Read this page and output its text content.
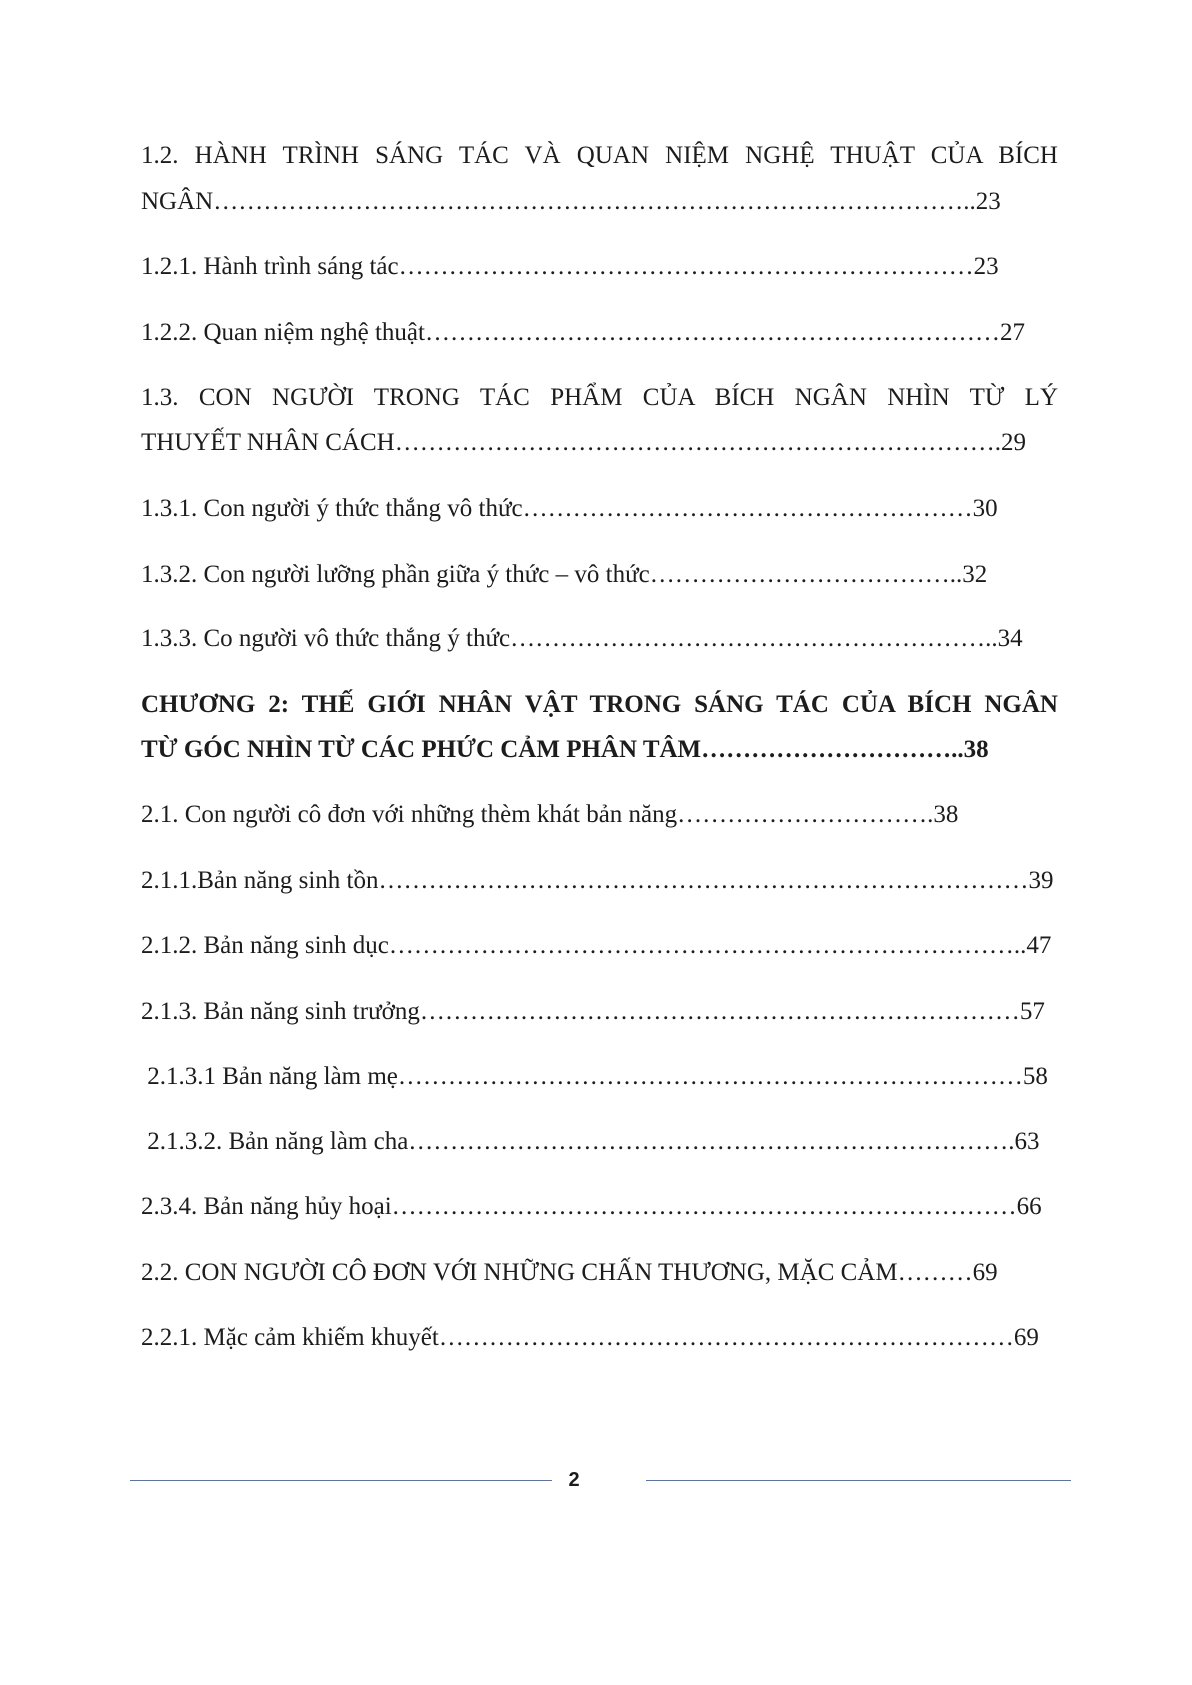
1.2. HÀNH TRÌNH SÁNG TÁC VÀ QUAN NIỆM NGHỆ THUẬT CỦA BÍCH
NGÂN………………………………………………………………………………..23
1.2.1. Hành trình sáng tác……………………………………………………………23
1.2.2. Quan niệm nghệ thuật……………………………………………………………27
1.3. CON NGƯỜI TRONG TÁC PHẨM CỦA BÍCH NGÂN NHÌN TỪ LÝ
THUYẾT NHÂN CÁCH……………………………………………………………….29
1.3.1. Con người ý thức thắng vô thức………………………………………………30
1.3.2. Con người lưỡng phần giữa ý thức – vô thức………………………………..32
1.3.3. Co người vô thức thắng ý thức…………………………………………………..34
CHƯƠNG 2: THẾ GIỚI NHÂN VẬT TRONG SÁNG TÁC CỦA BÍCH NGÂN
TỪ GÓC NHÌN TỪ CÁC PHỨC CẢM PHÂN TÂM…………………………..38
2.1. Con người cô đơn với những thèm khát bản năng………………………….38
2.1.1.Bản năng sinh tồn……………………………………………………………………39
2.1.2. Bản năng sinh dục…………………………………………………………………..47
2.1.3. Bản năng sinh trưởng………………………………………………………………57
2.1.3.1 Bản năng làm mẹ…………………………………………………………………58
2.1.3.2. Bản năng làm cha……………………………………………………………….63
2.3.4. Bản năng hủy hoại…………………………………………………………………66
2.2. CON NGƯỜI CÔ ĐƠN VỚI NHỮNG CHẤN THƯƠNG, MẶC CẢM………69
2.2.1. Mặc cảm khiếm khuyết……………………………………………………………69
2
